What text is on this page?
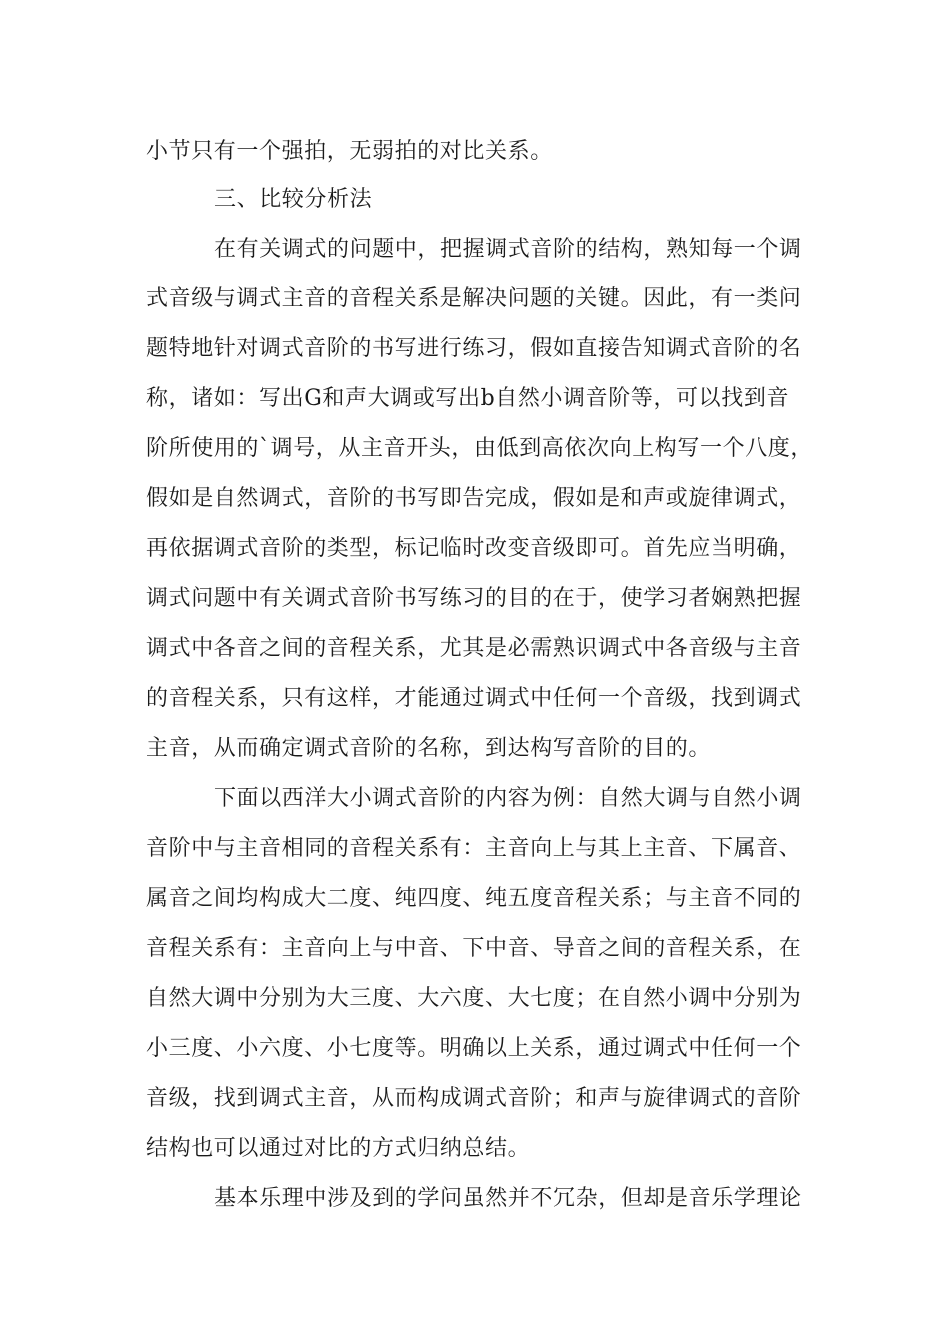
小节只有一个强拍，无弱拍的对比关系。
三、比较分析法
在有关调式的问题中，把握调式音阶的结构，熟知每一个调
式音级与调式主音的音程关系是解决问题的关键。因此，有一类问
题特地针对调式音阶的书写进行练习，假如直接告知调式音阶的名
称，诸如：写出G和声大调或写出b自然小调音阶等，可以找到音
阶所使用的`调号，从主音开头，由低到高依次向上构写一个八度，
假如是自然调式，音阶的书写即告完成，假如是和声或旋律调式，
再依据调式音阶的类型，标记临时改变音级即可。首先应当明确，
调式问题中有关调式音阶书写练习的目的在于，使学习者娴熟把握
调式中各音之间的音程关系，尤其是必需熟识调式中各音级与主音
的音程关系，只有这样，才能通过调式中任何一个音级，找到调式
主音，从而确定调式音阶的名称，到达构写音阶的目的。
下面以西洋大小调式音阶的内容为例：自然大调与自然小调
音阶中与主音相同的音程关系有：主音向上与其上主音、下属音、
属音之间均构成大二度、纯四度、纯五度音程关系；与主音不同的
音程关系有：主音向上与中音、下中音、导音之间的音程关系，在
自然大调中分别为大三度、大六度、大七度；在自然小调中分别为
小三度、小六度、小七度等。明确以上关系，通过调式中任何一个
音级，找到调式主音，从而构成调式音阶；和声与旋律调式的音阶
结构也可以通过对比的方式归纳总结。
基本乐理中涉及到的学问虽然并不冗杂，但却是音乐学理论
